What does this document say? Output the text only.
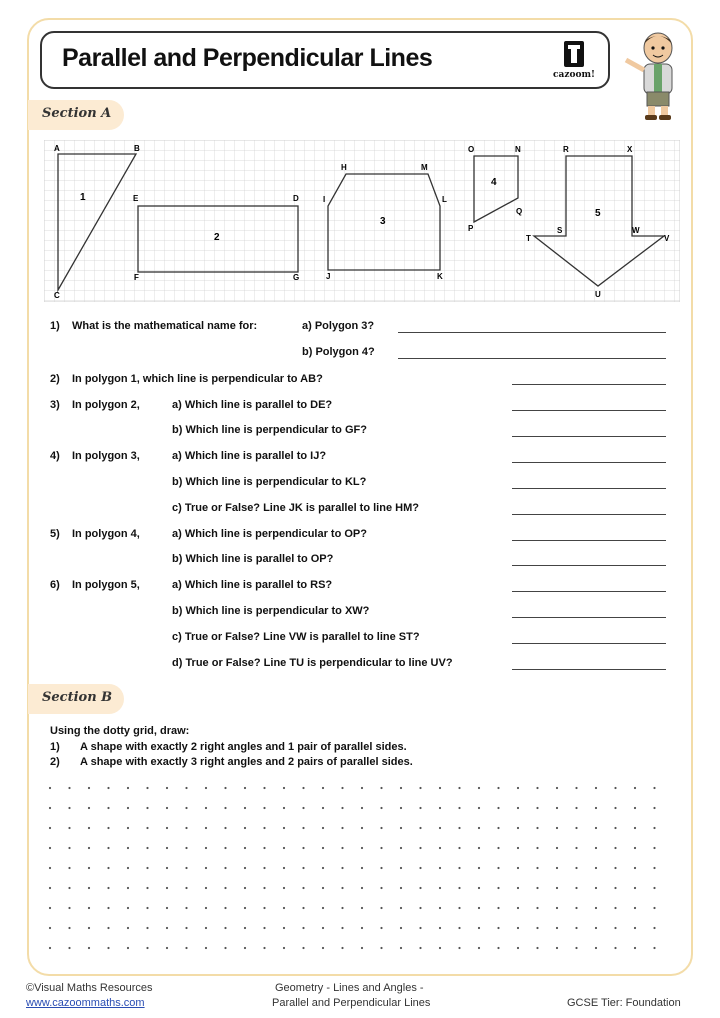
Parallel and Perpendicular Lines
cazoom!
Section A
1
2
3
4
5
A	B
C
D
E
F	G
H
I
J	K
L
M
N
O
P
Q
R
S
T
U
V
W
X
1) What is the mathematical name for:	a) Polygon 3?
b) Polygon 4?
2) In polygon 1, which line is perpendicular to AB?
3) In polygon 2,	a) Which line is parallel to DE?
b) Which line is perpendicular to GF?
4) In polygon 3,	a) Which line is parallel to IJ?
b) Which line is perpendicular to KL?
c) True or False? Line JK is parallel to line HM?
5) In polygon 4,	a) Which line is perpendicular to OP?
b) Which line is parallel to OP?
6) In polygon 5,	a) Which line is parallel to RS?
b) Which line is perpendicular to XW?
c) True or False? Line VW is parallel to line ST?
d) True or False? Line TU is perpendicular to line UV?
Section B
Using the dotty grid, draw:
1) A shape with exactly 2 right angles and 1 pair of parallel sides.
2) A shape with exactly 3 right angles and 2 pairs of parallel sides.
©Visual Maths Resources
www.cazoommaths.com
Geometry - Lines and Angles -
Parallel and Perpendicular Lines	GCSE Tier: Foundation
